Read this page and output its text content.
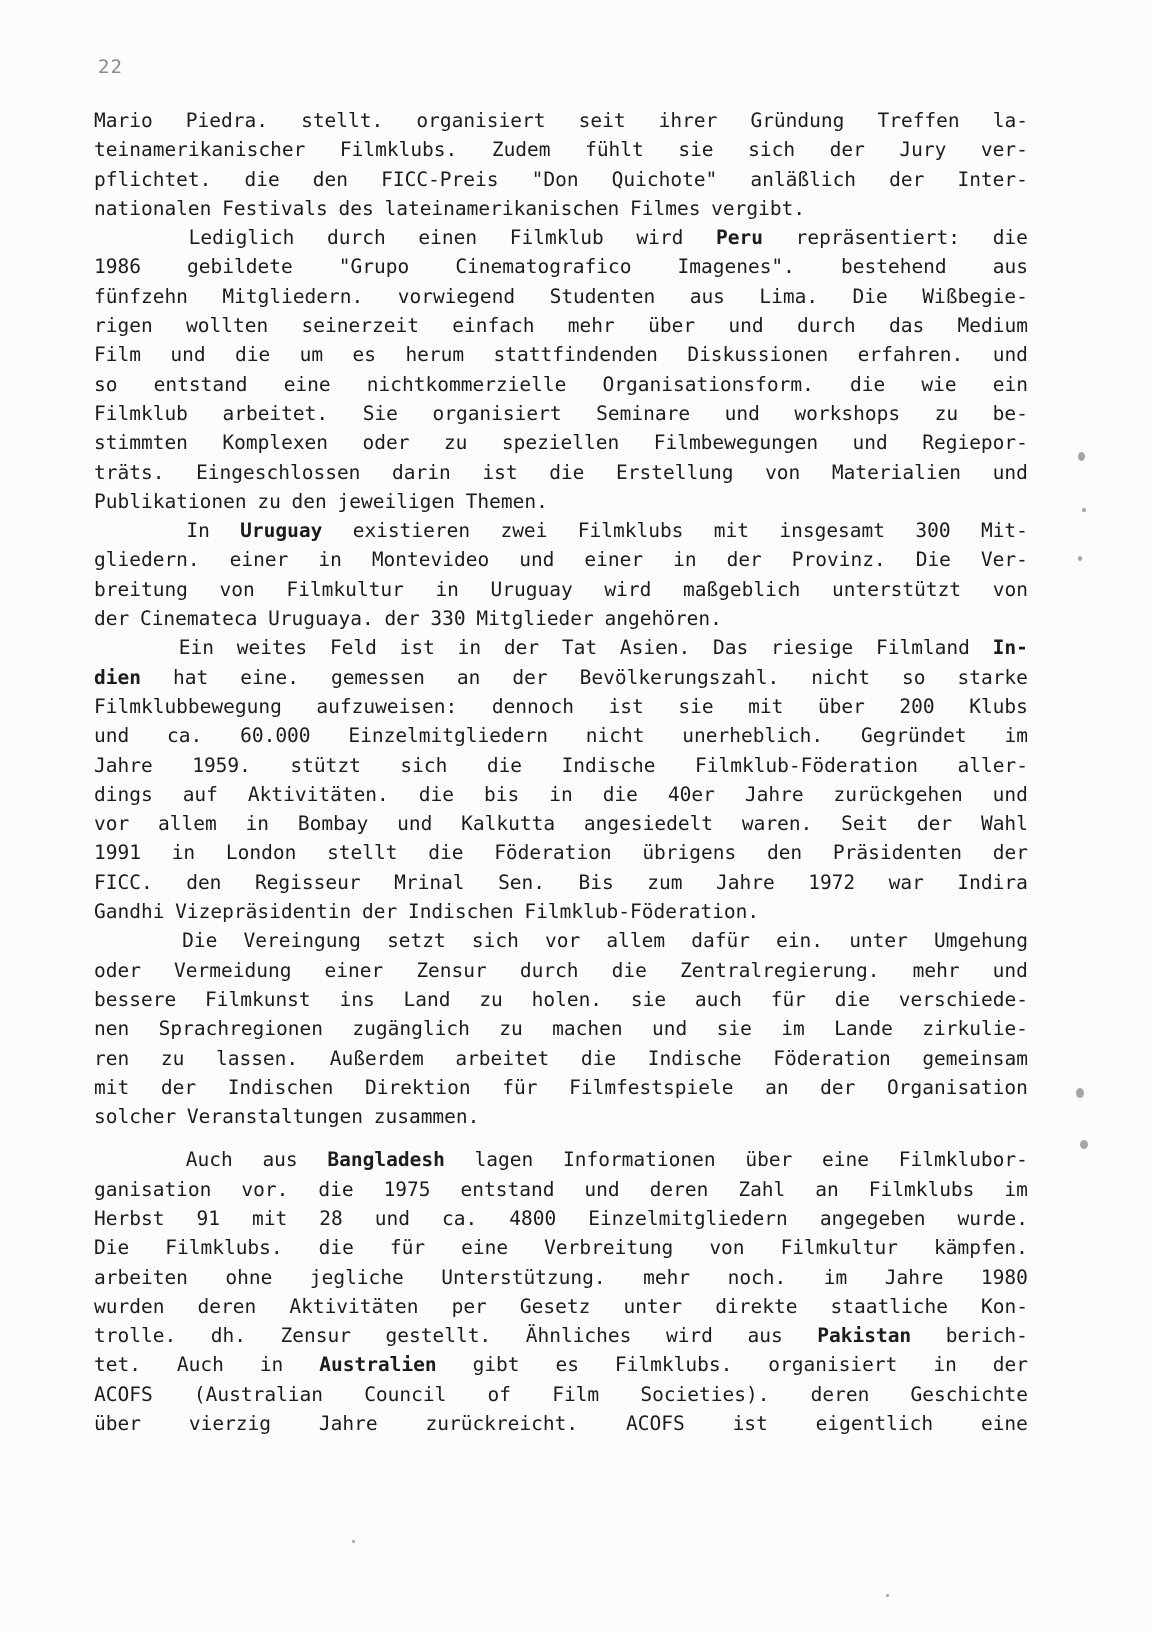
22
Mario Piedra. stellt. organisiert seit ihrer Gründung Treffen la-
teinamerikanischer Filmklubs. Zudem fühlt sie sich der Jury ver-
pflichtet. die den FICC-Preis "Don Quichote" anläßlich der Inter-
nationalen Festivals des lateinamerikanischen Filmes vergibt.
Lediglich durch einen Filmklub wird Peru repräsentiert: die
1986 gebildete "Grupo Cinematografico Imagenes". bestehend aus
fünfzehn Mitgliedern. vorwiegend Studenten aus Lima. Die Wißbegie-
rigen wollten seinerzeit einfach mehr über und durch das Medium
Film und die um es herum stattfindenden Diskussionen erfahren. und
so entstand eine nichtkommerzielle Organisationsform. die wie ein
Filmklub arbeitet. Sie organisiert Seminare und workshops zu be-
stimmten Komplexen oder zu speziellen Filmbewegungen und Regiepor-
träts. Eingeschlossen darin ist die Erstellung von Materialien und
Publikationen zu den jeweiligen Themen.
In Uruguay existieren zwei Filmklubs mit insgesamt 300 Mit-
gliedern. einer in Montevideo und einer in der Provinz. Die Ver-
breitung von Filmkultur in Uruguay wird maßgeblich unterstützt von
der Cinemateca Uruguaya. der 330 Mitglieder angehören.
Ein weites Feld ist in der Tat Asien. Das riesige Filmland In-
dien hat eine. gemessen an der Bevölkerungszahl. nicht so starke
Filmklubbewegung aufzuweisen: dennoch ist sie mit über 200 Klubs
und ca. 60.000 Einzelmitgliedern nicht unerheblich. Gegründet im
Jahre 1959. stützt sich die Indische Filmklub-Föderation aller-
dings auf Aktivitäten. die bis in die 40er Jahre zurückgehen und
vor allem in Bombay und Kalkutta angesiedelt waren. Seit der Wahl
1991 in London stellt die Föderation übrigens den Präsidenten der
FICC. den Regisseur Mrinal Sen. Bis zum Jahre 1972 war Indira
Gandhi Vizepräsidentin der Indischen Filmklub-Föderation.
Die Vereingung setzt sich vor allem dafür ein. unter Umgehung
oder Vermeidung einer Zensur durch die Zentralregierung. mehr und
bessere Filmkunst ins Land zu holen. sie auch für die verschiede-
nen Sprachregionen zugänglich zu machen und sie im Lande zirkulie-
ren zu lassen. Außerdem arbeitet die Indische Föderation gemeinsam
mit der Indischen Direktion für Filmfestspiele an der Organisation
solcher Veranstaltungen zusammen.
Auch aus Bangladesh lagen Informationen über eine Filmklubor-
ganisation vor. die 1975 entstand und deren Zahl an Filmklubs im
Herbst 91 mit 28 und ca. 4800 Einzelmitgliedern angegeben wurde.
Die Filmklubs. die für eine Verbreitung von Filmkultur kämpfen.
arbeiten ohne jegliche Unterstützung. mehr noch. im Jahre 1980
wurden deren Aktivitäten per Gesetz unter direkte staatliche Kon-
trolle. dh. Zensur gestellt. Ähnliches wird aus Pakistan berich-
tet. Auch in Australien gibt es Filmklubs. organisiert in der
ACOFS (Australian Council of Film Societies). deren Geschichte
über vierzig Jahre zurückreicht. ACOFS ist eigentlich eine
